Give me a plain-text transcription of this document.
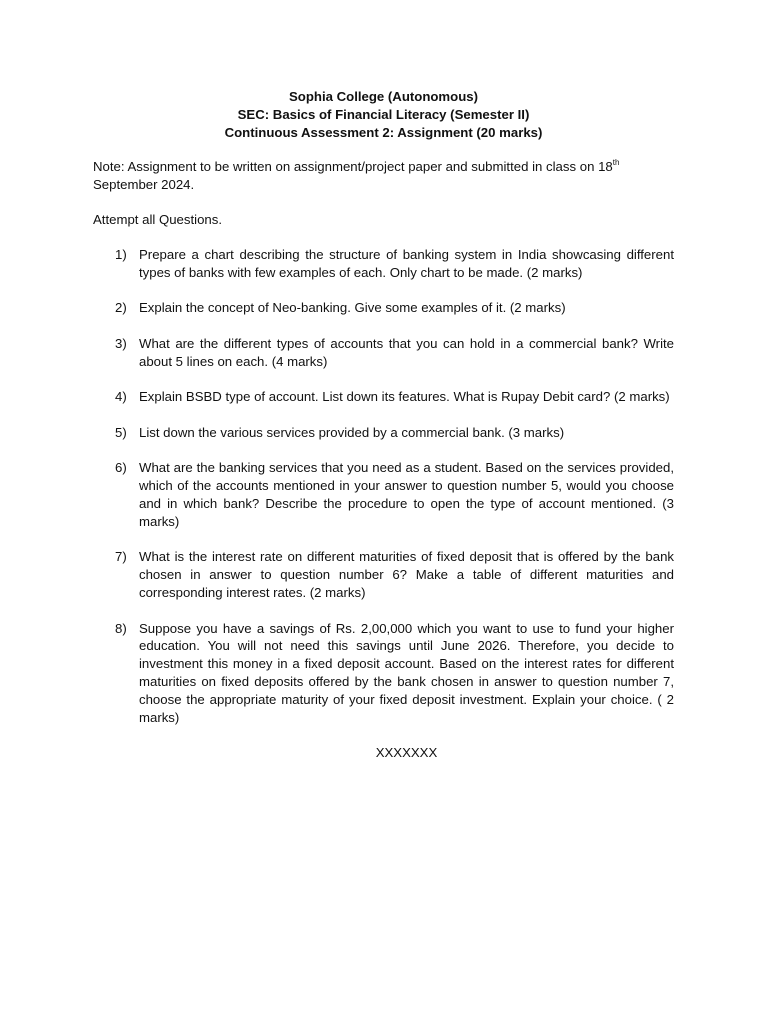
Sophia College (Autonomous)
SEC: Basics of Financial Literacy (Semester II)
Continuous Assessment 2: Assignment (20 marks)
Note: Assignment to be written on assignment/project paper and submitted in class on 18th September 2024.
Attempt all Questions.
1) Prepare a chart describing the structure of banking system in India showcasing different types of banks with few examples of each. Only chart to be made. (2 marks)
2) Explain the concept of Neo-banking. Give some examples of it. (2 marks)
3) What are the different types of accounts that you can hold in a commercial bank? Write about 5 lines on each. (4 marks)
4) Explain BSBD type of account. List down its features. What is Rupay Debit card? (2 marks)
5) List down the various services provided by a commercial bank. (3 marks)
6) What are the banking services that you need as a student. Based on the services provided, which of the accounts mentioned in your answer to question number 5, would you choose and in which bank? Describe the procedure to open the type of account mentioned. (3 marks)
7) What is the interest rate on different maturities of fixed deposit that is offered by the bank chosen in answer to question number 6? Make a table of different maturities and corresponding interest rates. (2 marks)
8) Suppose you have a savings of Rs. 2,00,000 which you want to use to fund your higher education. You will not need this savings until June 2026. Therefore, you decide to investment this money in a fixed deposit account. Based on the interest rates for different maturities on fixed deposits offered by the bank chosen in answer to question number 7, choose the appropriate maturity of your fixed deposit investment. Explain your choice. ( 2 marks)
XXXXXXX
